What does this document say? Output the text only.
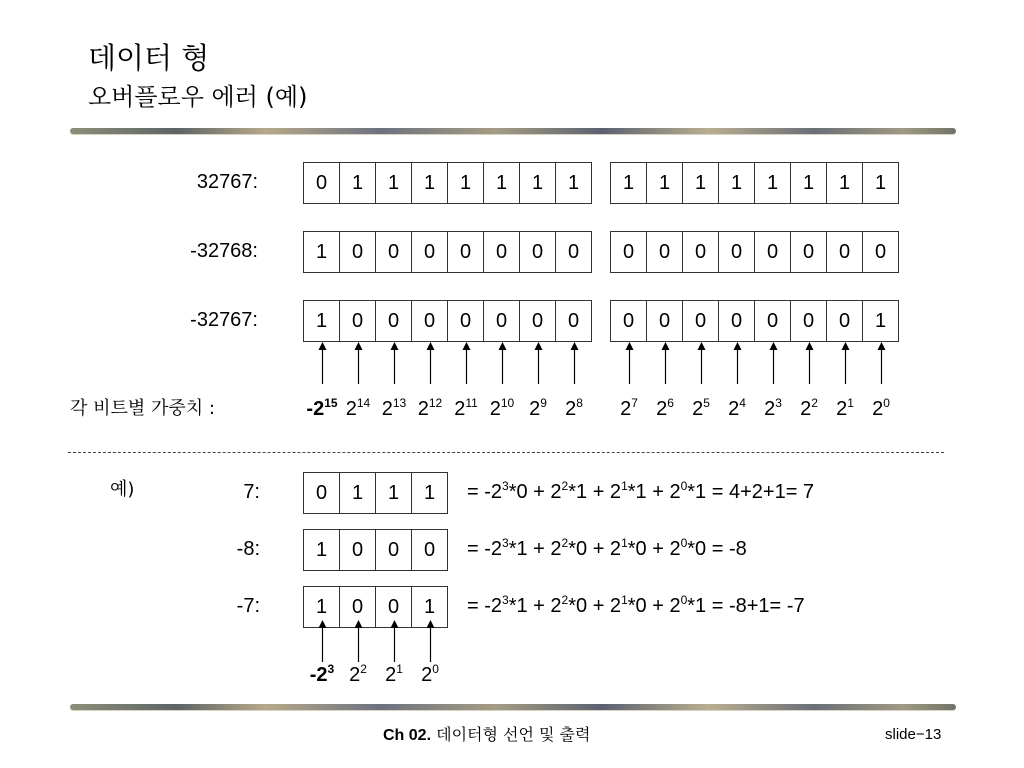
데이터 형
오버플로우 에러 (예)
32767:	0	1	1	1	1	1	1	1	1	1	1	1	1	1	1	1
-32768:	1	0	0	0	0	0	0	0	0	0	0	0	0	0	0	0
-32767:	1	0	0	0	0	0	0	0	0	0	0	0	0	0	0	1
각 비트별 가중치 :	$-2^{15}$ $2^{14}$ $2^{13}$ $2^{12}$ $2^{11}$ $2^{10}$ $2^9$ $2^8$	$2^7$ $2^6$ $2^5$ $2^4$ $2^3$ $2^2$ $2^1$ $2^0$
예)	7:	0	1	1	1	= $-2^3*0 + 2^2*1 + 2^1*1 + 2^0*1 = 4+2+1= 7$
-8:	1	0	0	0	= $-2^3*1 + 2^2*0 + 2^1*0 + 2^0*0 = -8$
-7:	1	0	0	1	= $-2^3*1 + 2^2*0 + 2^1*0 + 2^0*1 = -8+1= -7$
$-2^3$ $2^2$ $2^1$ $2^0$
Ch 02. 데이터형 선언 및 출력	slide−13
